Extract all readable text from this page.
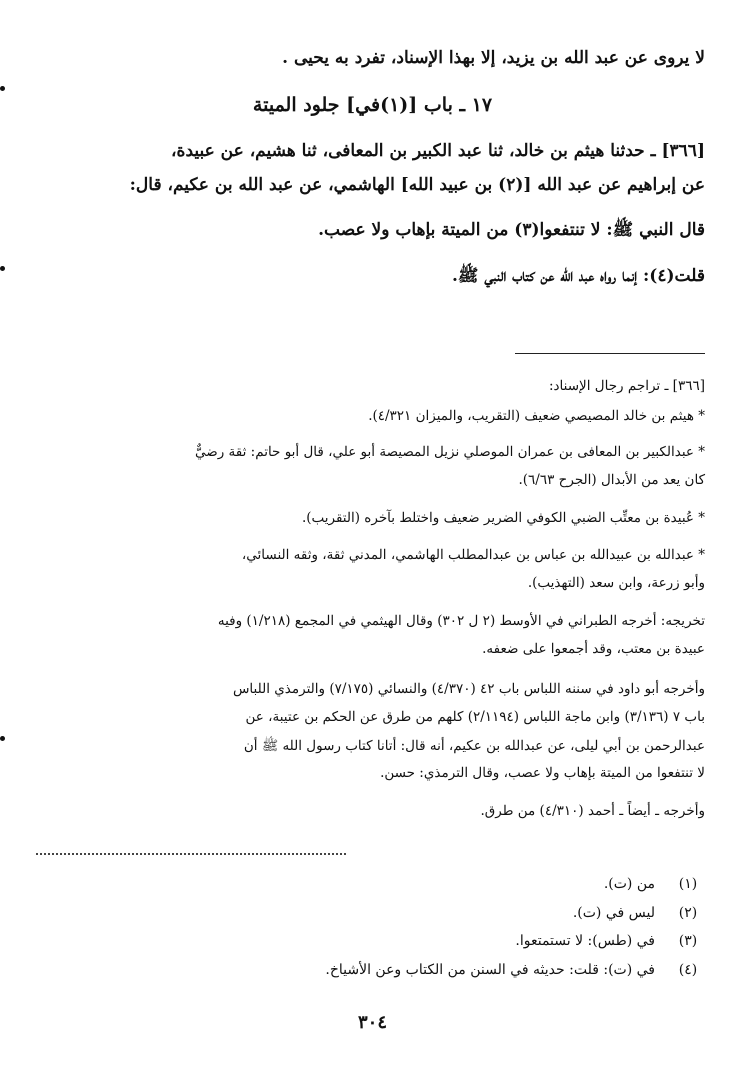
لا يروى عن عبد الله بن يزيد، إلا بهذا الإسناد، تفرد به يحيى .
١٧ ـ باب [(١)في] جلود الميتة
[٣٦٦] ـ حدثنا هيثم بن خالد، ثنا عبد الكبير بن المعافى، ثنا هشيم، عن عبيدة،
عن إبراهيم عن عبد الله [(٢) بن عبيد الله] الهاشمي، عن عبد الله بن عكيم، قال:
قال النبي ﷺ: لا تنتفعوا(٣) من الميتة بإهاب ولا عصب.
قلت(٤): إنما رواه عبد الله عن كتاب النبي ﷺ.
[٣٦٦] ـ تراجم رجال الإسناد:
* هيثم بن خالد المصيصي ضعيف (التقريب، والميزان ٤/٣٢١).
* عبدالكبير بن المعافى بن عمران الموصلي نزيل المصيصة أبو علي، قال أبو حاتم: ثقة رضيٌّ
كان يعد من الأبدال (الجرح ٦/٦٣).
* عُبيدة بن معتِّب الضبي الكوفي الضرير ضعيف واختلط بآخره (التقريب).
* عبدالله بن عبيدالله بن عباس بن عبدالمطلب الهاشمي، المدني ثقة، وثقه النسائي،
وأبو زرعة، وابن سعد (التهذيب).
تخريجه: أخرجه الطبراني في الأوسط (٢ ل ٣٠٢) وقال الهيثمي في المجمع (١/٢١٨) وفيه
عبيدة بن معتب، وقد أجمعوا على ضعفه.
وأخرجه أبو داود في سننه اللباس باب ٤٢ (٤/٣٧٠) والنسائي (٧/١٧٥) والترمذي اللباس
باب ٧ (٣/١٣٦) وابن ماجة اللباس (٢/١١٩٤) كلهم من طرق عن الحكم بن عتيبة، عن
عبدالرحمن بن أبي ليلى، عن عبدالله بن عكيم، أنه قال: أتانا كتاب رسول الله ﷺ أن
لا تنتفعوا من الميتة بإهاب ولا عصب، وقال الترمذي: حسن.
وأخرجه ـ أيضاً ـ أحمد (٤/٣١٠) من طرق.
(١)
من (ت).
(٢)
ليس في (ت).
(٣)
في (طس): لا تستمتعوا.
(٤)
في (ت): قلت: حديثه في السنن من الكتاب وعن الأشياخ.
٣٠٤
